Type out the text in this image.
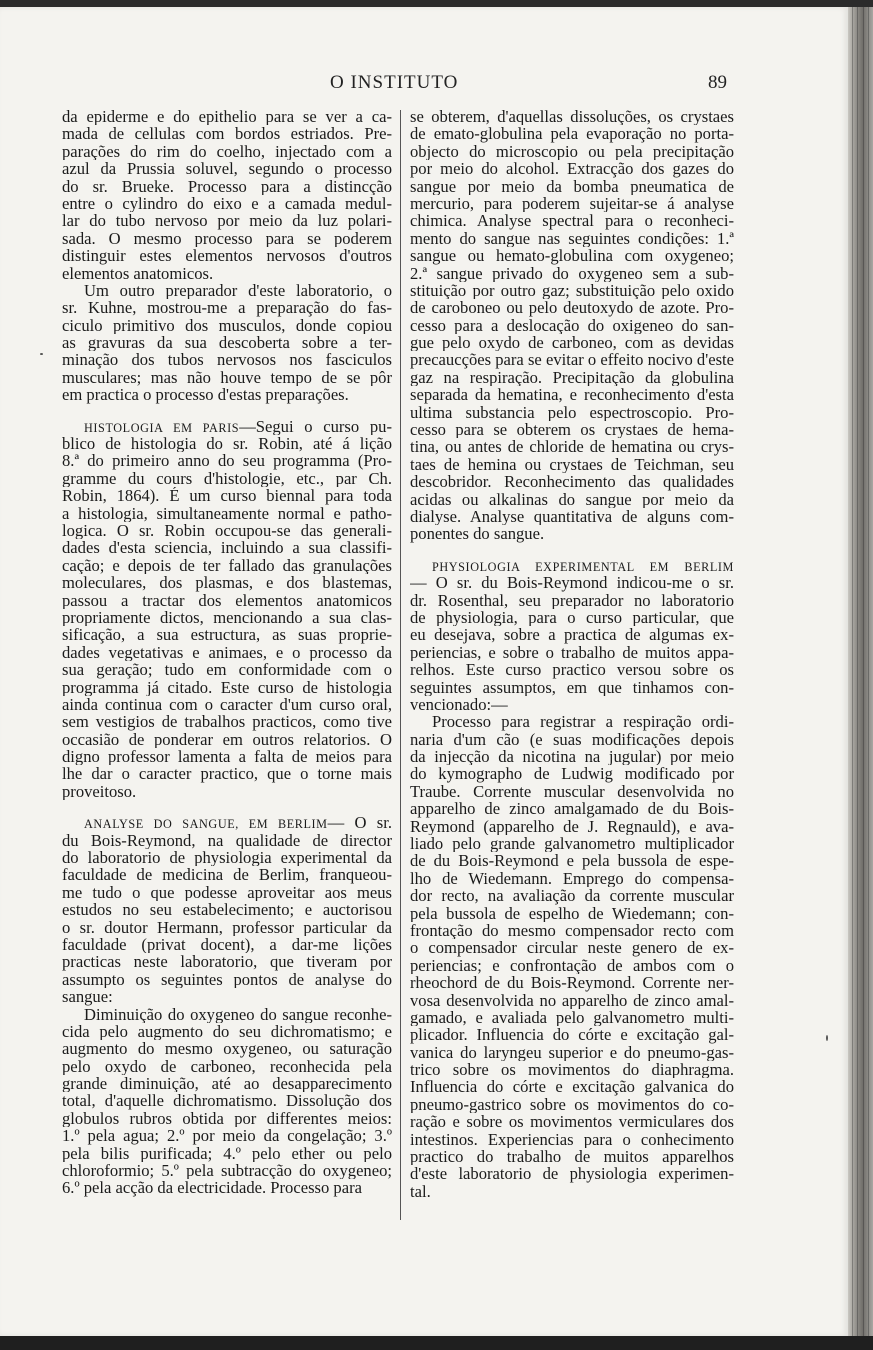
O INSTITUTO	89
da epiderme e do epithelio para se ver a ca-
mada de cellulas com bordos estriados. Pre-
parações do rim do coelho, injectado com a
azul da Prussia soluvel, segundo o processo
do sr. Brueke. Processo para a distincção
entre o cylindro do eixo e a camada medul-
lar do tubo nervoso por meio da luz polari-
sada. O mesmo processo para se poderem
distinguir estes elementos nervosos d'outros
elementos anatomicos.
Um outro preparador d'este laboratorio, o
sr. Kuhne, mostrou-me a preparação do fas-
ciculo primitivo dos musculos, donde copiou
as gravuras da sua descoberta sobre a ter-
minação dos tubos nervosos nos fasciculos
musculares; mas não houve tempo de se pôr
em practica o processo d'estas preparações.
HISTOLOGIA EM PARIS—Segui o curso pu-
blico de histologia do sr. Robin, até á lição
8.ª do primeiro anno do seu programma (Pro-
gramme du cours d'histologie, etc., par Ch.
Robin, 1864). É um curso biennal para toda
a histologia, simultaneamente normal e patho-
logica. O sr. Robin occupou-se das generali-
dades d'esta sciencia, incluindo a sua classifi-
cação; e depois de ter fallado das granulações
moleculares, dos plasmas, e dos blastemas,
passou a tractar dos elementos anatomicos
propriamente dictos, mencionando a sua clas-
sificação, a sua estructura, as suas proprie-
dades vegetativas e animaes, e o processo da
sua geração; tudo em conformidade com o
programma já citado. Este curso de histologia
ainda continua com o caracter d'um curso oral,
sem vestigios de trabalhos practicos, como tive
occasião de ponderar em outros relatorios. O
digno professor lamenta a falta de meios para
lhe dar o caracter practico, que o torne mais
proveitoso.
ANALYSE DO SANGUE, EM BERLIM— O sr.
du Bois-Reymond, na qualidade de director
do laboratorio de physiologia experimental da
faculdade de medicina de Berlim, franqueou-
me tudo o que podesse aproveitar aos meus
estudos no seu estabelecimento; e auctorisou
o sr. doutor Hermann, professor particular da
faculdade (privat docent), a dar-me lições
practicas neste laboratorio, que tiveram por
assumpto os seguintes pontos de analyse do
sangue:
Diminuição do oxygeneo do sangue reconhe-
cida pelo augmento do seu dichromatismo; e
augmento do mesmo oxygeneo, ou saturação
pelo oxydo de carboneo, reconhecida pela
grande diminuição, até ao desapparecimento
total, d'aquelle dichromatismo. Dissolução dos
globulos rubros obtida por differentes meios:
1.º pela agua; 2.º por meio da congelação; 3.º
pela bilis purificada; 4.º pelo ether ou pelo
chloroformio; 5.º pela subtracção do oxygeneo;
6.º pela acção da electricidade. Processo para
se obterem, d'aquellas dissoluções, os crystaes
de emato-globulina pela evaporação no porta-
objecto do microscopio ou pela precipitação
por meio do alcohol. Extracção dos gazes do
sangue por meio da bomba pneumatica de
mercurio, para poderem sujeitar-se á analyse
chimica. Analyse spectral para o reconheci-
mento do sangue nas seguintes condições: 1.ª
sangue ou hemato-globulina com oxygeneo;
2.ª sangue privado do oxygeneo sem a sub-
stituição por outro gaz; substituição pelo oxido
de caroboneo ou pelo deutoxydo de azote. Pro-
cesso para a deslocação do oxigeneo do san-
gue pelo oxydo de carboneo, com as devidas
precaucções para se evitar o effeito nocivo d'este
gaz na respiração. Precipitação da globulina
separada da hematina, e reconhecimento d'esta
ultima substancia pelo espectroscopio. Pro-
cesso para se obterem os crystaes de hema-
tina, ou antes de chloride de hematina ou crys-
taes de hemina ou crystaes de Teichman, seu
descobridor. Reconhecimento das qualidades
acidas ou alkalinas do sangue por meio da
dialyse. Analyse quantitativa de alguns com-
ponentes do sangue.
PHYSIOLOGIA EXPERIMENTAL EM BERLIM
— O sr. du Bois-Reymond indicou-me o sr.
dr. Rosenthal, seu preparador no laboratorio
de physiologia, para o curso particular, que
eu desejava, sobre a practica de algumas ex-
periencias, e sobre o trabalho de muitos appa-
relhos. Este curso practico versou sobre os
seguintes assumptos, em que tinhamos con-
vencionado:—
Processo para registrar a respiração ordi-
naria d'um cão (e suas modificações depois
da injecção da nicotina na jugular) por meio
do kymographo de Ludwig modificado por
Traube. Corrente muscular desenvolvida no
apparelho de zinco amalgamado de du Bois-
Reymond (apparelho de J. Regnauld), e ava-
liado pelo grande galvanometro multiplicador
de du Bois-Reymond e pela bussola de espe-
lho de Wiedemann. Emprego do compensa-
dor recto, na avaliação da corrente muscular
pela bussola de espelho de Wiedemann; con-
frontação do mesmo compensador recto com
o compensador circular neste genero de ex-
periencias; e confrontação de ambos com o
rheochord de du Bois-Reymond. Corrente ner-
vosa desenvolvida no apparelho de zinco amal-
gamado, e avaliada pelo galvanometro multi-
plicador. Influencia do córte e excitação gal-
vanica do laryngeu superior e do pneumo-gas-
trico sobre os movimentos do diaphragma.
Influencia do córte e excitação galvanica do
pneumo-gastrico sobre os movimentos do co-
ração e sobre os movimentos vermiculares dos
intestinos. Experiencias para o conhecimento
practico do trabalho de muitos apparelhos
d'este laboratorio de physiologia experimen-
tal.
